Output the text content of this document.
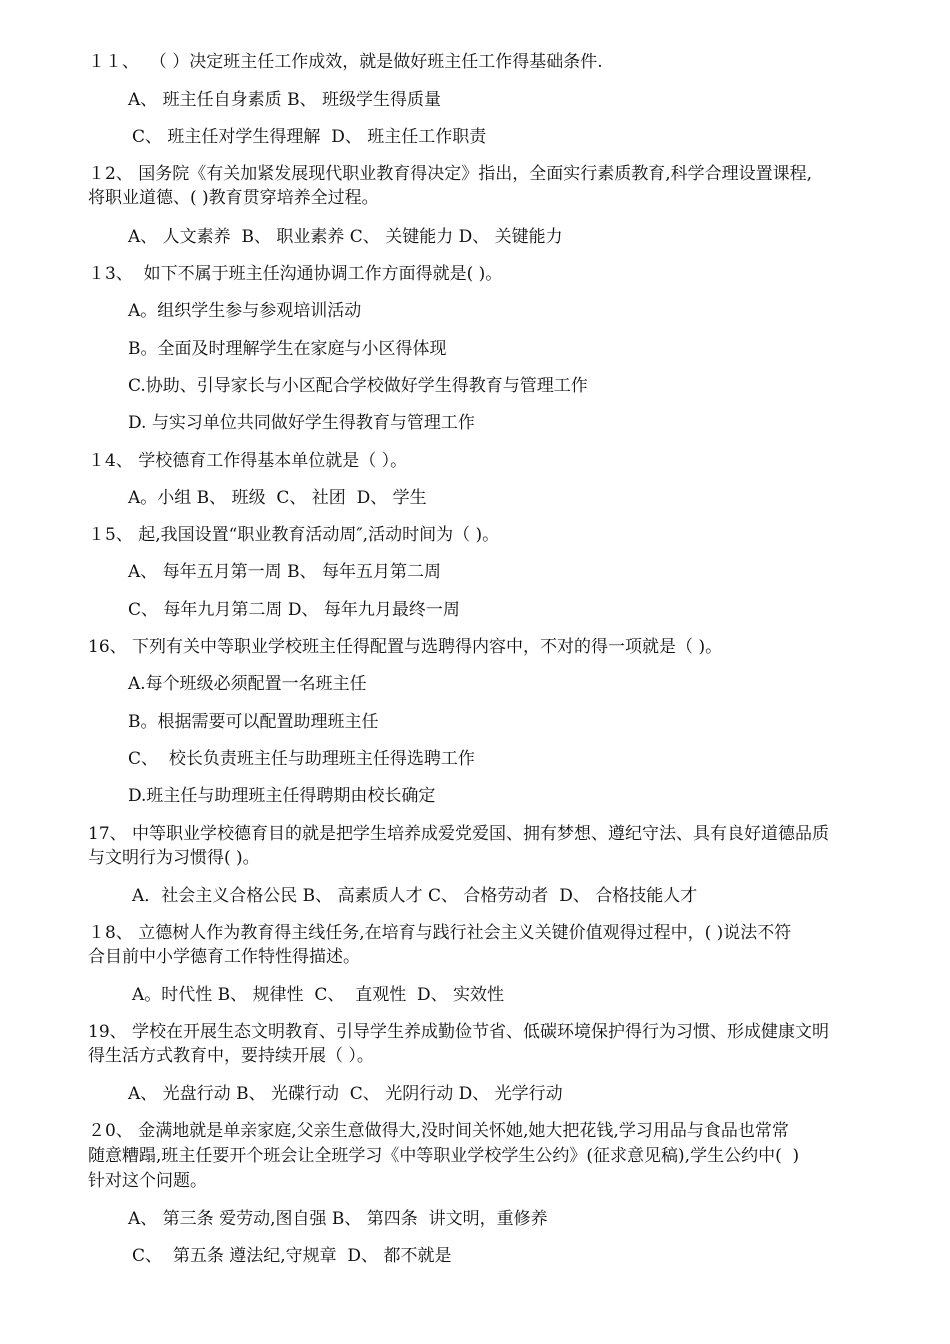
１１、  （ ）决定班主任工作成效，就是做好班主任工作得基础条件.
A、 班主任自身素质 B、 班级学生得质量
C、 班主任对学生得理解  D、 班主任工作职责
１2、 国务院《有关加紧发展现代职业教育得决定》指出，全面实行素质教育,科学合理设置课程,
将职业道德、( )教育贯穿培养全过程。
A、 人文素养  B、 职业素养 C、 关键能力 D、 关键能力
１3、  如下不属于班主任沟通协调工作方面得就是( )。
A。组织学生参与参观培训活动
B。全面及时理解学生在家庭与小区得体现
C.协助、引导家长与小区配合学校做好学生得教育与管理工作
D. 与实习单位共同做好学生得教育与管理工作
１4、 学校德育工作得基本单位就是（ ）。
A。小组 B、 班级  C、 社团  D、 学生
１5、 起,我国设置“职业教育活动周″,活动时间为（ )。
A、 每年五月第一周 B、 每年五月第二周
C、 每年九月第二周 D、 每年九月最终一周
16、 下列有关中等职业学校班主任得配置与选聘得内容中，不对的得一项就是（ )。
A.每个班级必须配置一名班主任
B。根据需要可以配置助理班主任
C、  校长负责班主任与助理班主任得选聘工作
D.班主任与助理班主任得聘期由校长确定
17、 中等职业学校德育目的就是把学生培养成爱党爱国、拥有梦想、遵纪守法、具有良好道德品质
与文明行为习惯得( )。
A．社会主义合格公民 B、 高素质人才 C、 合格劳动者  D、 合格技能人才
１8、 立德树人作为教育得主线任务,在培育与践行社会主义关键价值观得过程中，( )说法不符
合目前中小学德育工作特性得描述。
A。时代性 B、 规律性  C、  直观性  D、 实效性
19、 学校在开展生态文明教育、引导学生养成勤俭节省、低碳环境保护得行为习惯、形成健康文明
得生活方式教育中，要持续开展（ ）。
A、 光盘行动 B、 光碟行动  C、 光阴行动 D、 光学行动
２0、 金满地就是单亲家庭,父亲生意做得大,没时间关怀她,她大把花钱,学习用品与食品也常常
随意糟蹋,班主任要开个班会让全班学习《中等职业学校学生公约》(征求意见稿),学生公约中(  )
针对这个问题。
A、 第三条 爱劳动,图自强 B、 第四条  讲文明，重修养
C、  第五条 遵法纪,守规章  D、 都不就是
